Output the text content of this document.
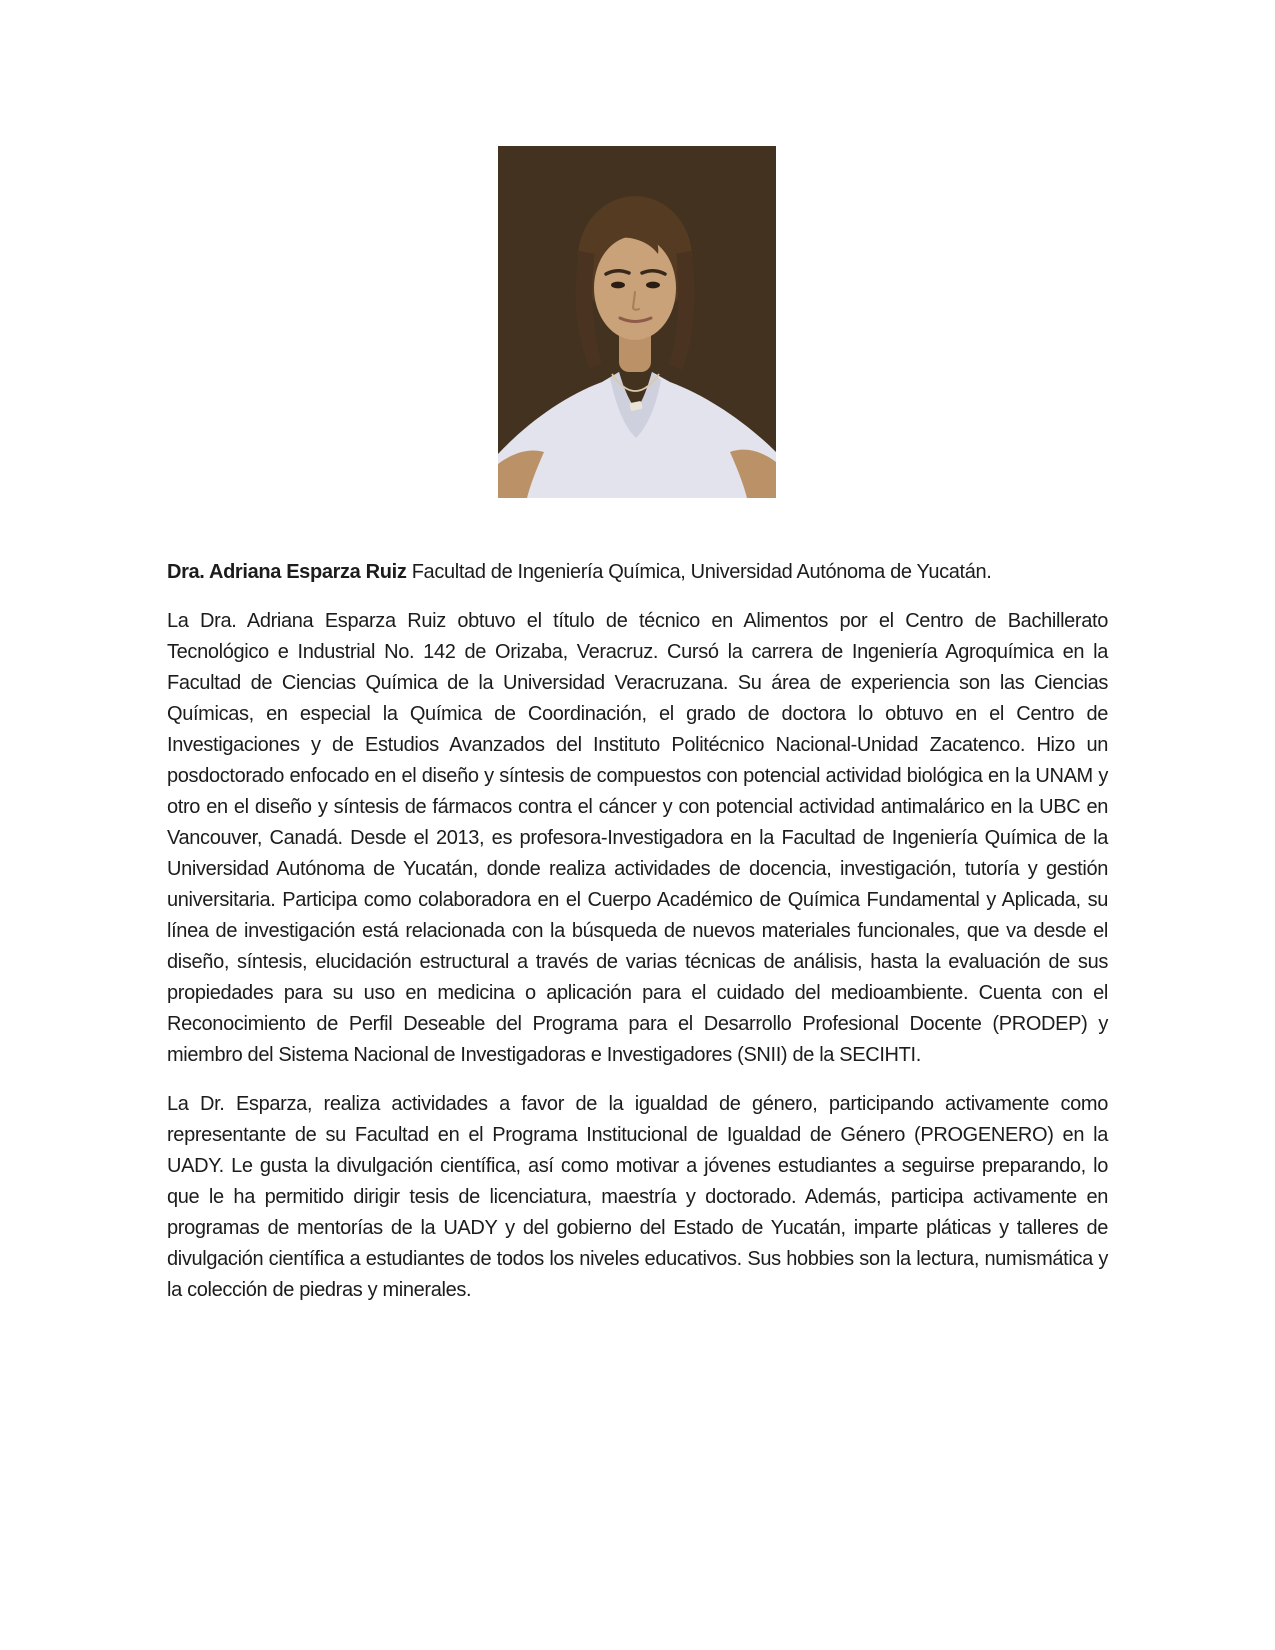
Dra. Adriana Esparza Ruiz Facultad de Ingeniería Química, Universidad Autónoma de Yucatán.

La Dra. Adriana Esparza Ruiz obtuvo el título de técnico en Alimentos por el Centro de Bachillerato Tecnológico e Industrial No. 142 de Orizaba, Veracruz. Cursó la carrera de Ingeniería Agroquímica en la Facultad de Ciencias Química de la Universidad Veracruzana. Su área de experiencia son las Ciencias Químicas, en especial la Química de Coordinación, el grado de doctora lo obtuvo en el Centro de Investigaciones y de Estudios Avanzados del Instituto Politécnico Nacional-Unidad Zacatenco. Hizo un posdoctorado enfocado en el diseño y síntesis de compuestos con potencial actividad biológica en la UNAM y otro en el diseño y síntesis de fármacos contra el cáncer y con potencial actividad antimalárico en la UBC en Vancouver, Canadá. Desde el 2013, es profesora-Investigadora en la Facultad de Ingeniería Química de la Universidad Autónoma de Yucatán, donde realiza actividades de docencia, investigación, tutoría y gestión universitaria. Participa como colaboradora en el Cuerpo Académico de Química Fundamental y Aplicada, su línea de investigación está relacionada con la búsqueda de nuevos materiales funcionales, que va desde el diseño, síntesis, elucidación estructural a través de varias técnicas de análisis, hasta la evaluación de sus propiedades para su uso en medicina o aplicación para el cuidado del medioambiente. Cuenta con el Reconocimiento de Perfil Deseable del Programa para el Desarrollo Profesional Docente (PRODEP) y miembro del Sistema Nacional de Investigadoras e Investigadores (SNII) de la SECIHTI.

La Dr. Esparza, realiza actividades a favor de la igualdad de género, participando activamente como representante de su Facultad en el Programa Institucional de Igualdad de Género (PROGENERO) en la UADY. Le gusta la divulgación científica, así como motivar a jóvenes estudiantes a seguirse preparando, lo que le ha permitido dirigir tesis de licenciatura, maestría y doctorado. Además, participa activamente en programas de mentorías de la UADY y del gobierno del Estado de Yucatán, imparte pláticas y talleres de divulgación científica a estudiantes de todos los niveles educativos. Sus hobbies son la lectura, numismática y la colección de piedras y minerales.
